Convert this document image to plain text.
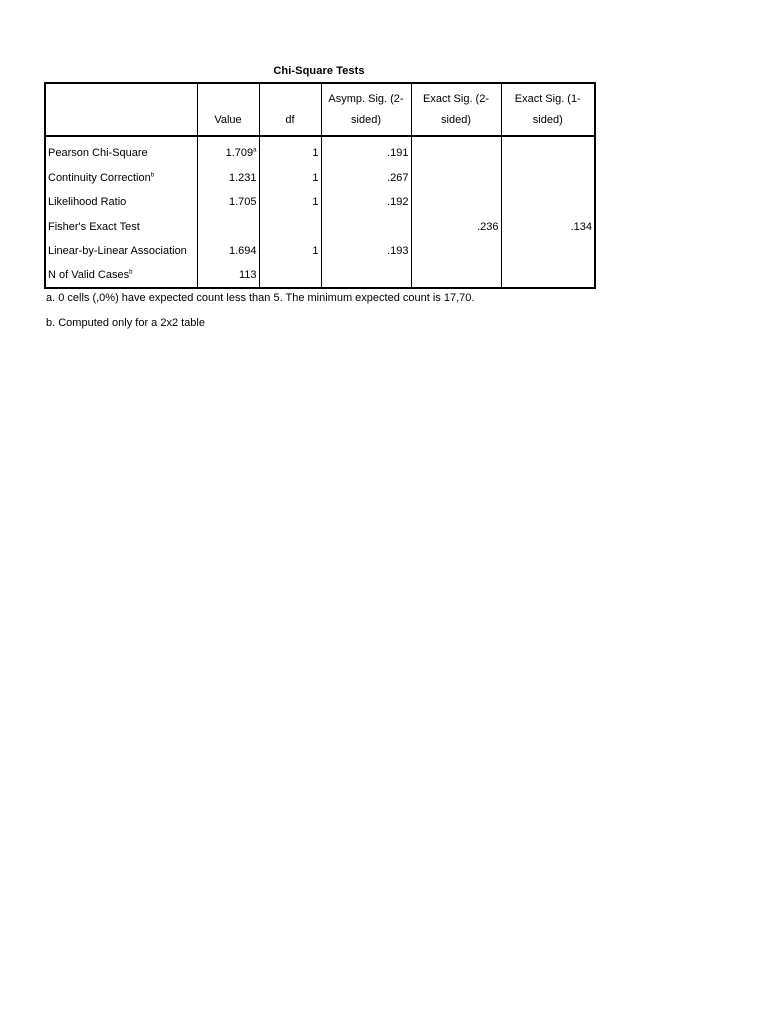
Chi-Square Tests
	Value	df	Asymp. Sig. (2-
sided)	Exact Sig. (2-
sided)	Exact Sig. (1-
sided)
Pearson Chi-Square	1.709$^a$	1	.191		
Continuity Correction$^b$	1.231	1	.267		
Likelihood Ratio	1.705	1	.192		
Fisher's Exact Test				.236	.134
Linear-by-Linear Association	1.694	1	.193		
N of Valid Cases$^b$	113				
a. 0 cells (,0%) have expected count less than 5. The minimum expected count is 17,70.
b. Computed only for a 2x2 table
